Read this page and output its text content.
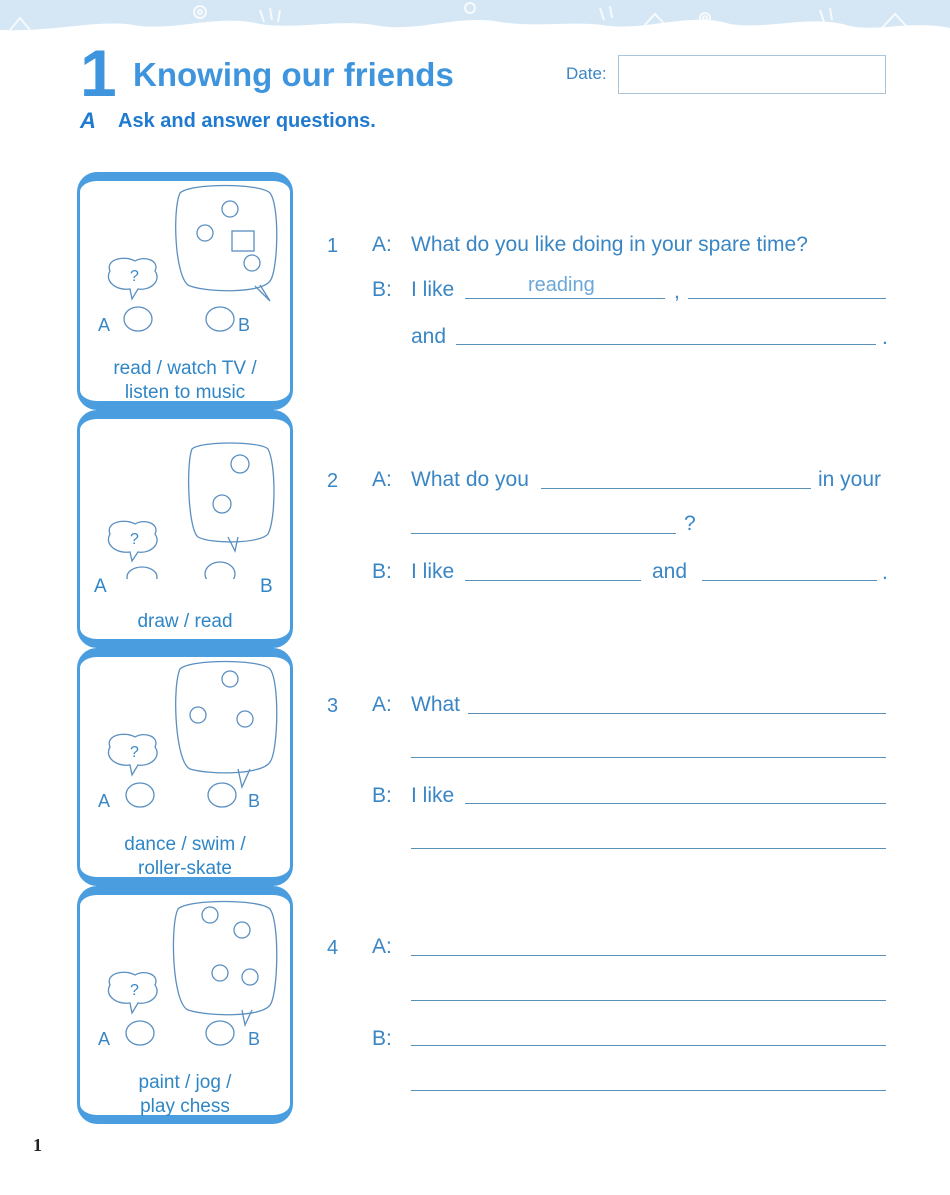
1 Knowing our friends	Date:
A Ask and answer questions.
?
A	B
read / watch TV /
listen to music
?
A	B
draw / read
?
A	B
dance / swim /
roller-skate
?
A	B
paint / jog /
play chess
1 A: What do you like doing in your spare time?
B: I like	reading	,
and	.
2 A: What do you	in your
?
B: I like	and	.
3 A: What
B: I like
4 A:
B:
1
